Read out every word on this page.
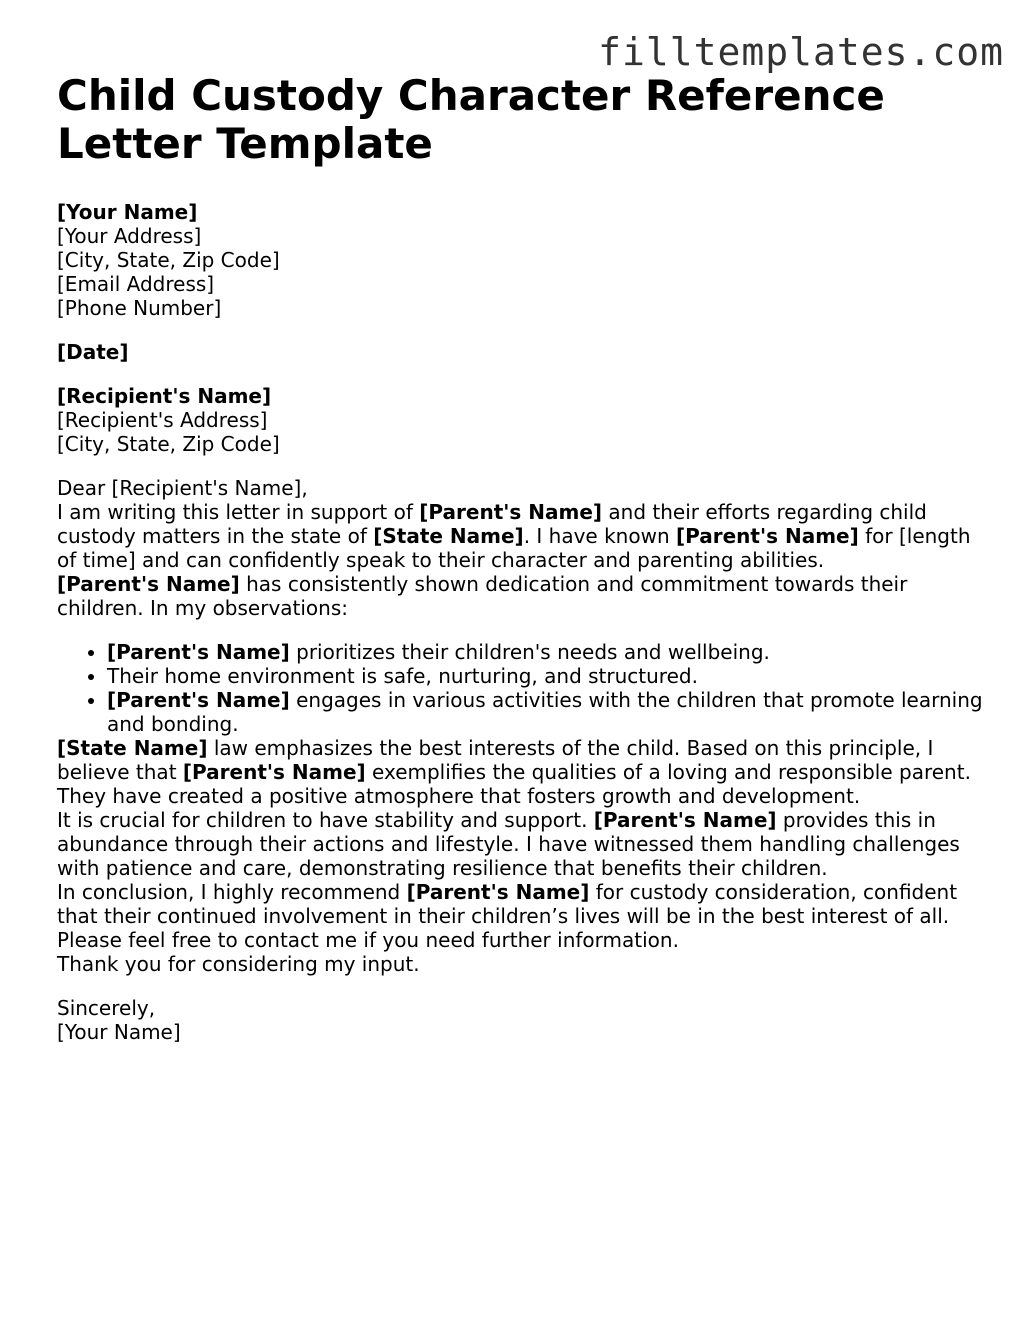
filltemplates.com
Child Custody Character Reference Letter Template
[Your Name]
[Your Address]
[City, State, Zip Code]
[Email Address]
[Phone Number]
[Date]
[Recipient's Name]
[Recipient's Address]
[City, State, Zip Code]
Dear [Recipient's Name],

I am writing this letter in support of [Parent's Name] and their efforts regarding child custody matters in the state of [State Name]. I have known [Parent's Name] for [length of time] and can confidently speak to their character and parenting abilities.

[Parent's Name] has consistently shown dedication and commitment towards their children. In my observations:

• [Parent's Name] prioritizes their children's needs and wellbeing.
• Their home environment is safe, nurturing, and structured.
• [Parent's Name] engages in various activities with the children that promote learning and bonding.

[State Name] law emphasizes the best interests of the child. Based on this principle, I believe that [Parent's Name] exemplifies the qualities of a loving and responsible parent. They have created a positive atmosphere that fosters growth and development.

It is crucial for children to have stability and support. [Parent's Name] provides this in abundance through their actions and lifestyle. I have witnessed them handling challenges with patience and care, demonstrating resilience that benefits their children.

In conclusion, I highly recommend [Parent's Name] for custody consideration, confident that their continued involvement in their children’s lives will be in the best interest of all. Please feel free to contact me if you need further information.

Thank you for considering my input.

Sincerely,
[Your Name]
